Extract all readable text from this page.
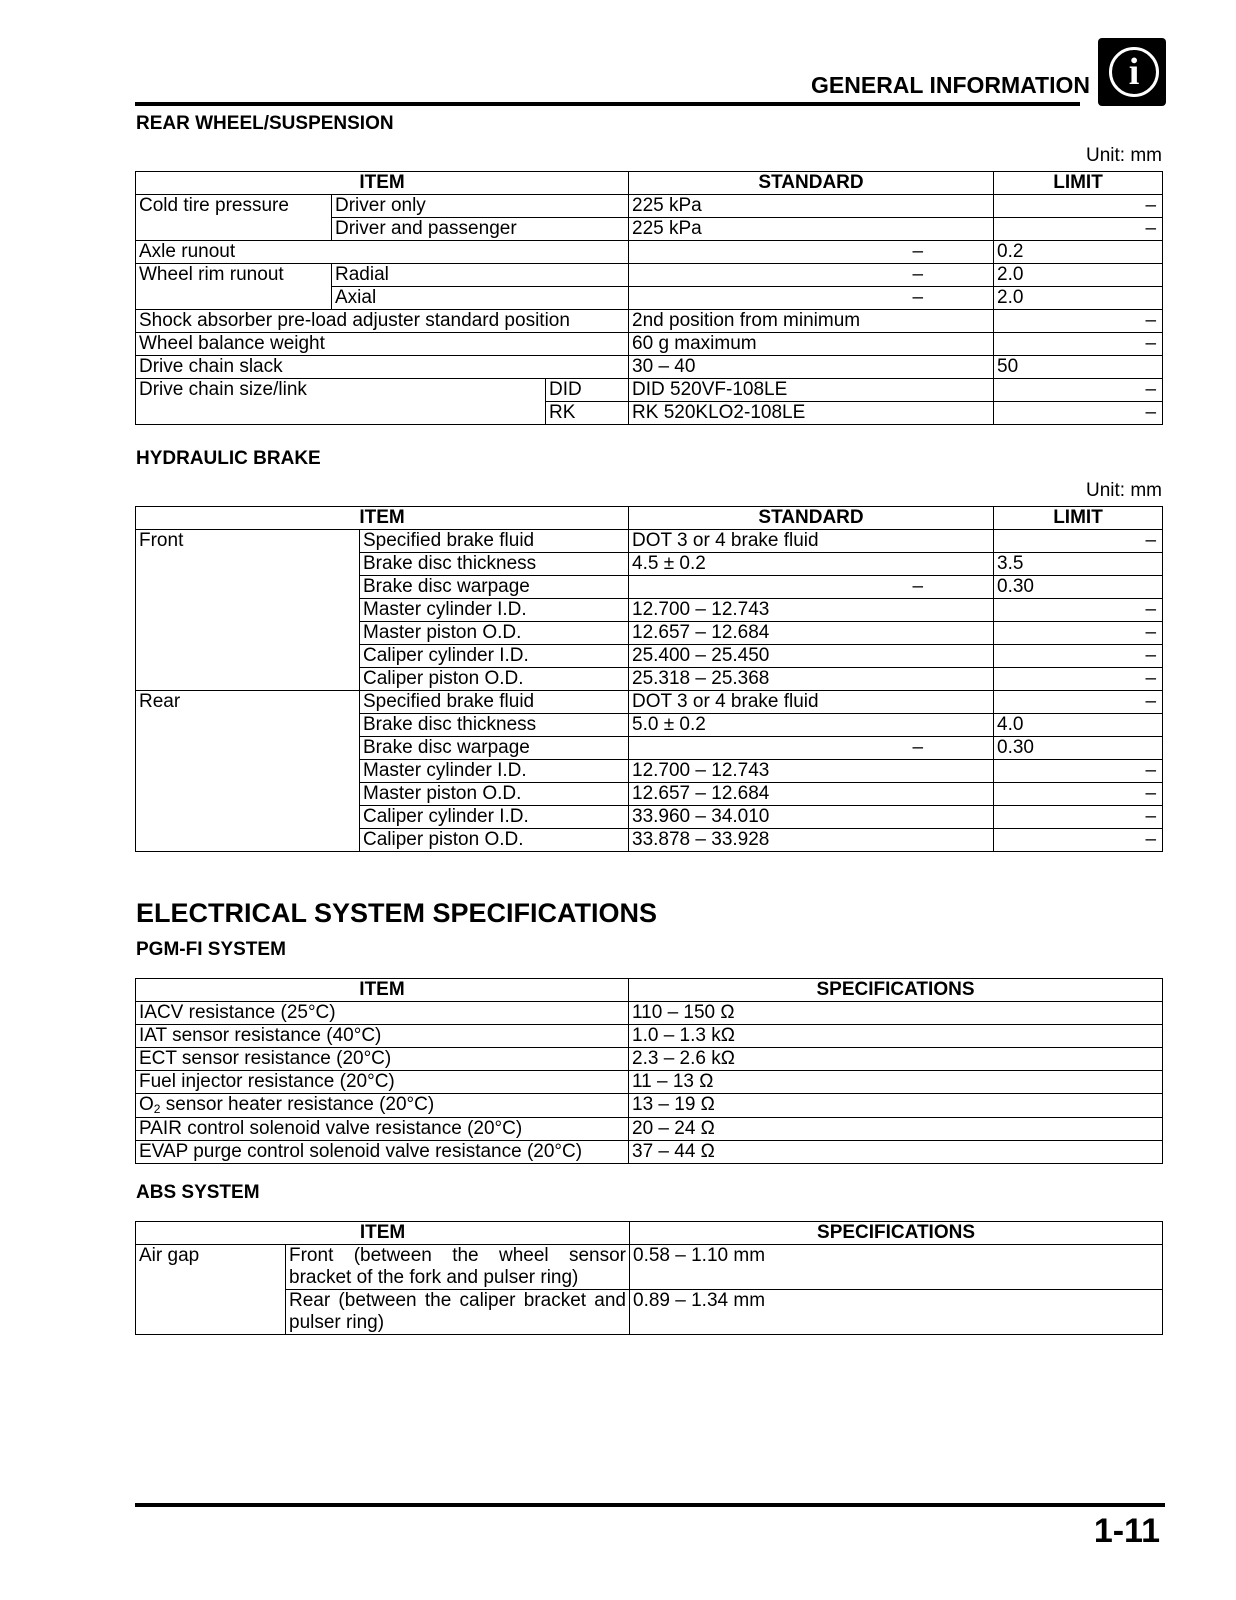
GENERAL INFORMATION	i
REAR WHEEL/SUSPENSION
Unit: mm
ITEM			STANDARD	LIMIT
Cold tire pressure	Driver only		225 kPa	–
	Driver and passenger		225 kPa	–
Axle runout			–	0.2
Wheel rim runout	Radial		–	2.0
	Axial		–	2.0
Shock absorber pre-load adjuster standard position			2nd position from minimum	–
Wheel balance weight			60 g maximum	–
Drive chain slack			30 – 40	50
Drive chain size/link		DID	DID 520VF-108LE	–
		RK	RK 520KLO2-108LE	–
HYDRAULIC BRAKE
Unit: mm
ITEM		STANDARD	LIMIT
Front	Specified brake fluid	DOT 3 or 4 brake fluid	–
	Brake disc thickness	4.5 ± 0.2	3.5
	Brake disc warpage	–	0.30
	Master cylinder I.D.	12.700 – 12.743	–
	Master piston O.D.	12.657 – 12.684	–
	Caliper cylinder I.D.	25.400 – 25.450	–
	Caliper piston O.D.	25.318 – 25.368	–
Rear	Specified brake fluid	DOT 3 or 4 brake fluid	–
	Brake disc thickness	5.0 ± 0.2	4.0
	Brake disc warpage	–	0.30
	Master cylinder I.D.	12.700 – 12.743	–
	Master piston O.D.	12.657 – 12.684	–
	Caliper cylinder I.D.	33.960 – 34.010	–
	Caliper piston O.D.	33.878 – 33.928	–
ELECTRICAL SYSTEM SPECIFICATIONS
PGM-FI SYSTEM
ITEM	SPECIFICATIONS
IACV resistance (25°C)	110 – 150 Ω
IAT sensor resistance (40°C)	1.0 – 1.3 kΩ
ECT sensor resistance (20°C)	2.3 – 2.6 kΩ
Fuel injector resistance (20°C)	11 – 13 Ω
$O_2$ sensor heater resistance (20°C)	13 – 19 Ω
PAIR control solenoid valve resistance (20°C)	20 – 24 Ω
EVAP purge control solenoid valve resistance (20°C)	37 – 44 Ω
ABS SYSTEM
ITEM		SPECIFICATIONS
Air gap	Front (between the wheel sensor bracket of the fork and pulser ring)	0.58 – 1.10 mm
	Rear (between the caliper bracket and pulser ring)	0.89 – 1.34 mm
1-11
